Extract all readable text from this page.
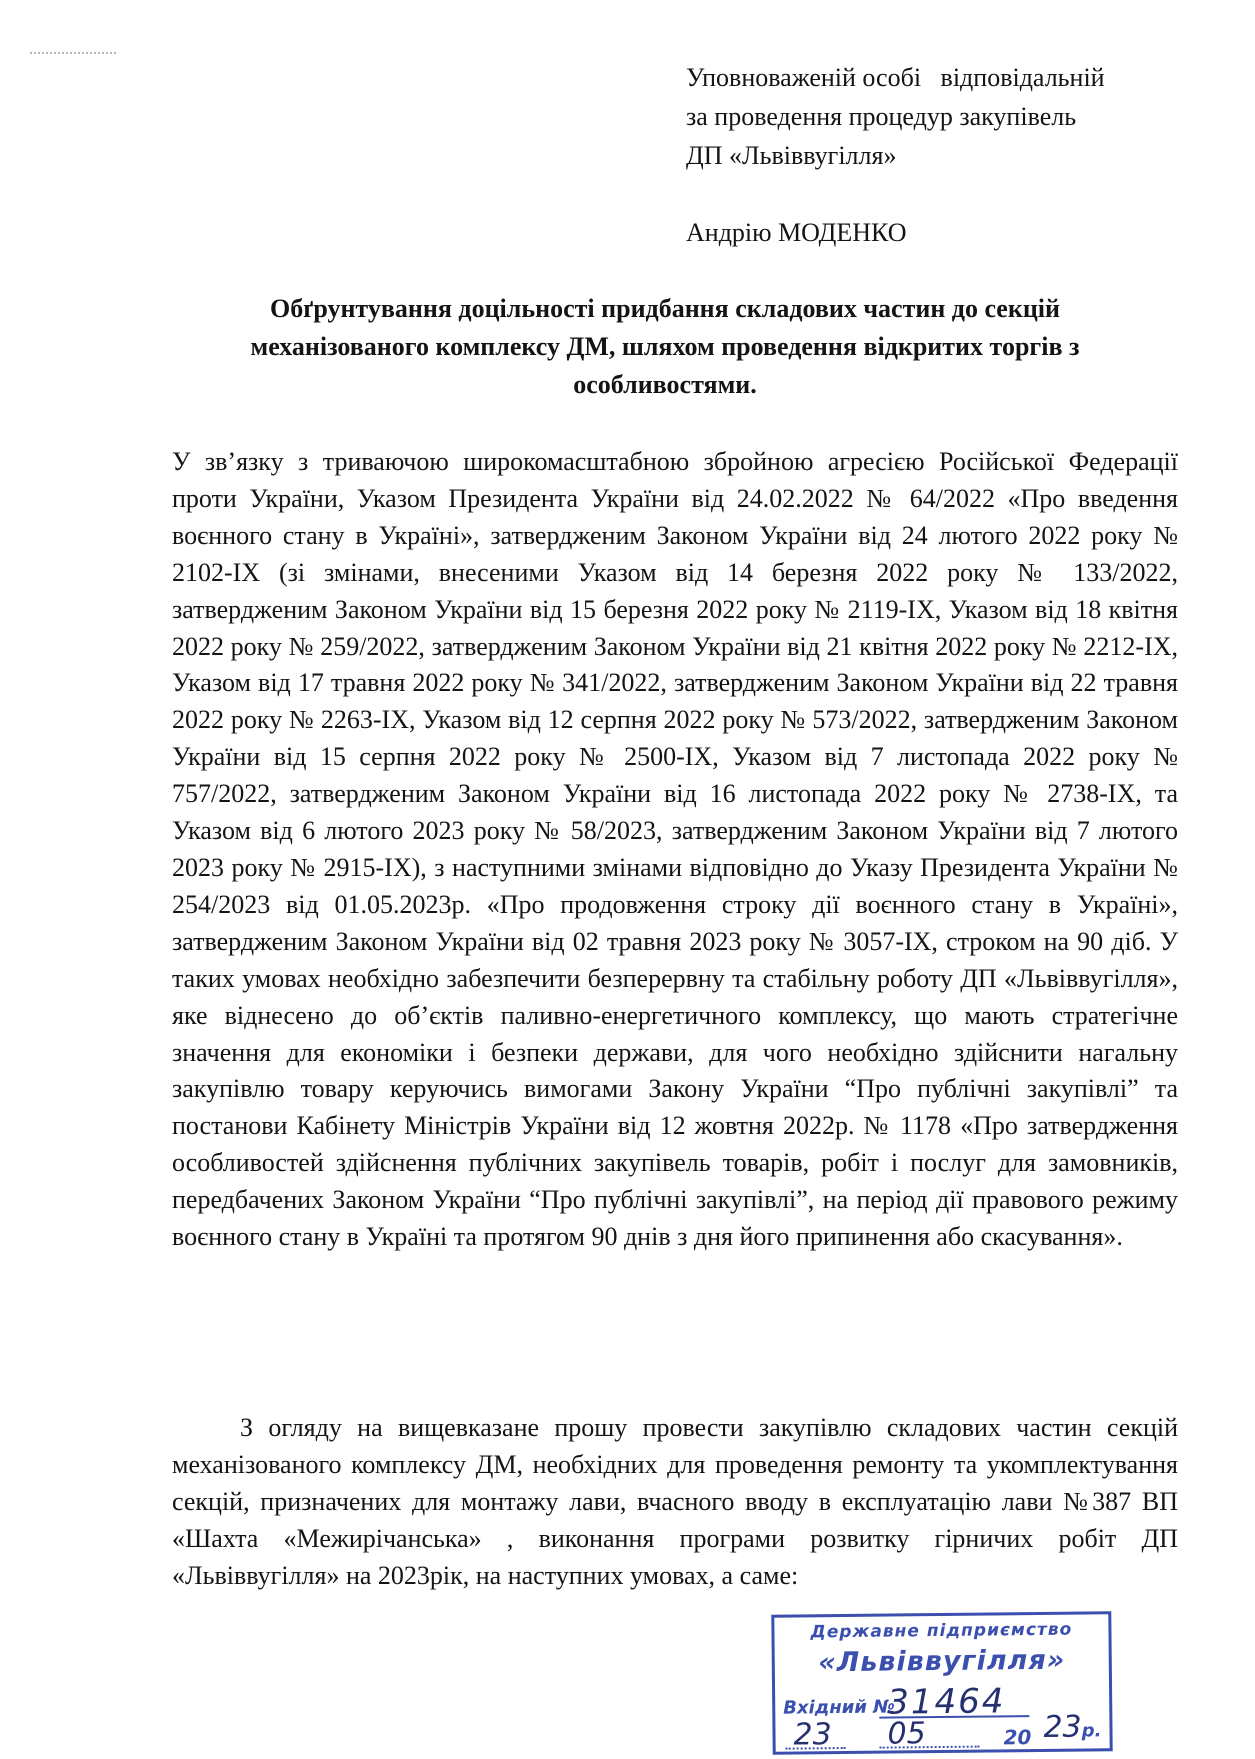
Уповноваженій особі   відповідальній
за проведення процедур закупівель
ДП «Львіввугілля»
Андрію МОДЕНКО
Обґрунтування доцільності придбання складових частин до секцій
механізованого комплексу ДМ, шляхом проведення відкритих торгів з
особливостями.

У зв’язку з триваючою широкомасштабною збройною агресією Російської Федерації проти України, Указом Президента України від 24.02.2022 № 64/2022 «Про введення воєнного стану в Україні», затвердженим Законом України від 24 лютого 2022 року № 2102-IX (зі змінами, внесеними Указом від 14 березня 2022 року № 133/2022, затвердженим Законом України від 15 березня 2022 року № 2119-IX, Указом від 18 квітня 2022 року № 259/2022, затвердженим Законом України від 21 квітня 2022 року № 2212-IX, Указом від 17 травня 2022 року № 341/2022, затвердженим Законом України від 22 травня 2022 року № 2263-IX, Указом від 12 серпня 2022 року № 573/2022, затвердженим Законом України від 15 серпня 2022 року № 2500-IX, Указом від 7 листопада 2022 року № 757/2022, затвердженим Законом України від 16 листопада 2022 року № 2738-IX, та Указом від 6 лютого 2023 року № 58/2023, затвердженим Законом України від 7 лютого 2023 року № 2915-IX), з наступними змінами відповідно до Указу Президента України № 254/2023 від 01.05.2023р. «Про продовження строку дії воєнного стану в Україні», затвердженим Законом України від 02 травня 2023 року № 3057-IX, строком на 90 діб. У таких умовах необхідно забезпечити безперервну та стабільну роботу ДП «Львіввугілля», яке віднесено до об’єктів паливно-енергетичного комплексу, що мають стратегічне значення для економіки і безпеки держави, для чого необхідно здійснити нагальну закупівлю товару керуючись вимогами Закону України “Про публічні закупівлі” та постанови Кабінету Міністрів України від 12 жовтня 2022р. № 1178 «Про затвердження особливостей здійснення публічних закупівель товарів, робіт і послуг для замовників, передбачених Законом України “Про публічні закупівлі”, на період дії правового режиму воєнного стану в Україні та протягом 90 днів з дня його припинення або скасування».

З огляду на вищевказане прошу провести закупівлю складових частин секцій механізованого комплексу ДМ, необхідних для проведення ремонту та укомплектування секцій, призначених для монтажу лави, вчасного вводу в експлуатацію лави №387 ВП «Шахта «Межирічанська» , виконання програми розвитку гірничих робіт ДП «Львіввугілля» на 2023рік, на наступних умовах, а саме:

Державне підприємство
«Львіввугілля»
Вхідний №
31464
23 05	20 23р.
